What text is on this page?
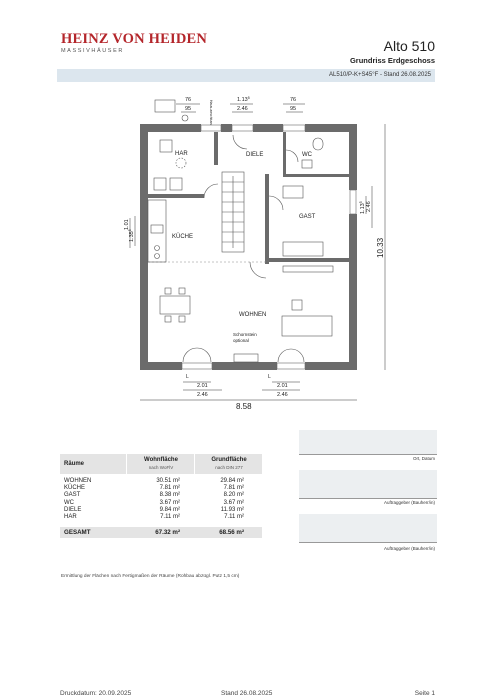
HEINZ VON HEIDEN
MASSIVHÄUSER	Alto 510
Grundriss Erdgeschoss
AL510/P-K+S45°F - Stand 26.08.2025
HAR	DIELE	WC
GAST
KÜCHE
WOHNEN
Schornstein
optional
Haus-anschluss
L	L
76
95
1.13$^5$
2.46
76
95
1.01
1.35$^5$
1.13$^5$ 2.46
10.33
2.01
2.46
2.01
2.46
8.58
Räume
Wohnfläche
nach WoFlV
Grundfläche
nach DIN 277
WOHNEN	30.51 m²	29.84 m²
KÜCHE	7.81 m²	7.81 m²
GAST	8.38 m²	8.20 m²
WC	3.67 m²	3.67 m²
DIELE	9.84 m²	11.93 m²
HAR	7.11 m²	7.11 m²
GESAMT	67.32 m²	68.56 m²
Ermittlung der Flächen nach Fertigmaßen der Räume (Rohbau abzügl. Putz 1,5 cm)
Ort, Datum
Auftraggeber (Bauherr/in)
Auftraggeber (Bauherr/in)
Druckdatum: 20.09.2025	Stand 26.08.2025	Seite 1
